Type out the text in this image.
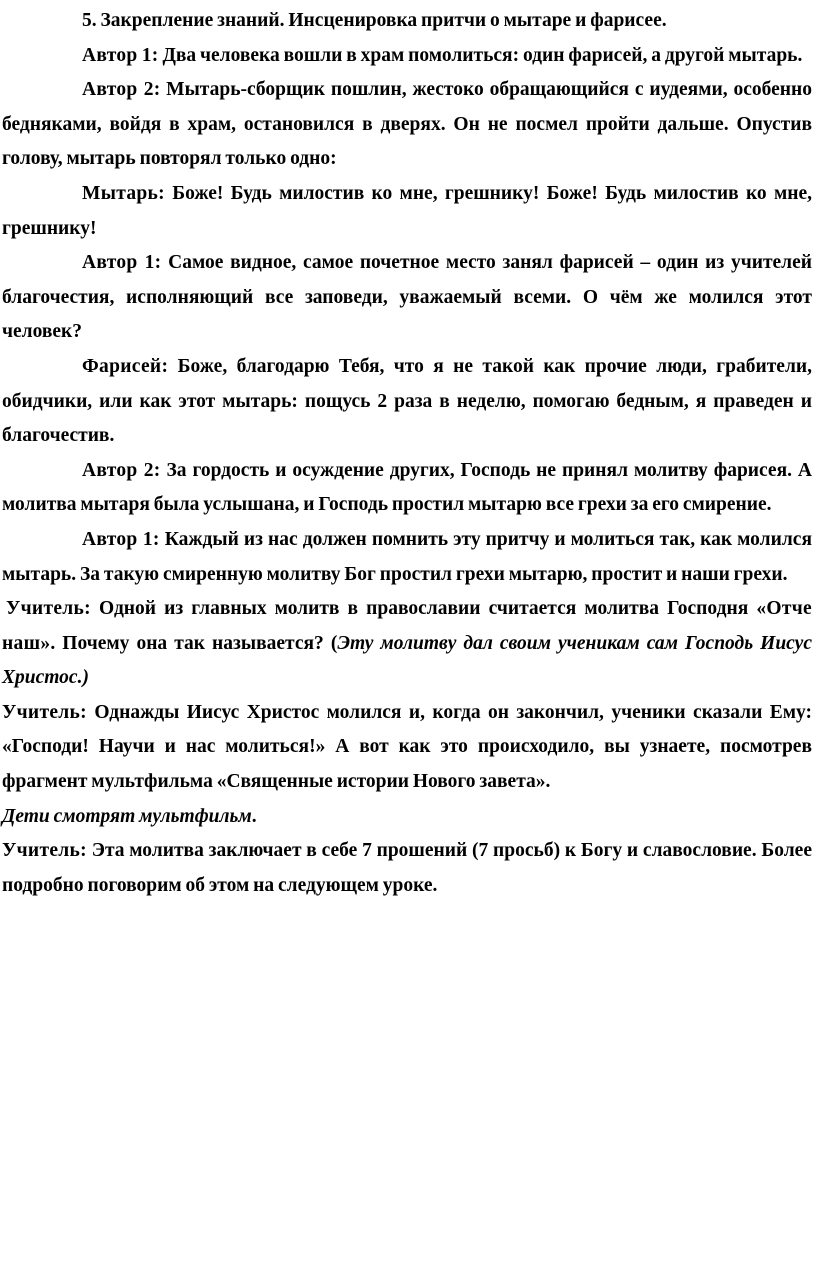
5. Закрепление знаний. Инсценировка притчи о мытаре и фарисее.

Автор 1: Два человека вошли в храм помолиться: один фарисей, а другой мытарь.

Автор 2: Мытарь-сборщик пошлин, жестоко обращающийся с иудеями, особенно бедняками, войдя в храм, остановился в дверях. Он не посмел пройти дальше. Опустив голову, мытарь повторял только одно:

Мытарь: Боже! Будь милостив ко мне, грешнику! Боже! Будь милостив ко мне, грешнику!

Автор 1: Самое видное, самое почетное место занял фарисей – один из учителей благочестия, исполняющий все заповеди, уважаемый всеми. О чём же молился этот человек?

Фарисей: Боже, благодарю Тебя, что я не такой как прочие люди, грабители, обидчики, или как этот мытарь: пощусь 2 раза в неделю, помогаю бедным, я праведен и благочестив.

Автор 2: За гордость и осуждение других, Господь не принял молитву фарисея. А молитва мытаря была услышана, и Господь простил мытарю все грехи за его смирение.

Автор 1: Каждый из нас должен помнить эту притчу и молиться так, как молился мытарь. За такую смиренную молитву Бог простил грехи мытарю, простит и наши грехи.

Учитель: Одной из главных молитв в православии считается молитва Господня «Отче наш». Почему она так называется? (Эту молитву дал своим ученикам сам Господь Иисус Христос.)

Учитель: Однажды Иисус Христос молился и, когда он закончил, ученики сказали Ему: «Господи! Научи и нас молиться!» А вот как это происходило, вы узнаете, посмотрев фрагмент мультфильма «Священные истории Нового завета».

Дети смотрят мультфильм.

Учитель: Эта молитва заключает в себе 7 прошений (7 просьб) к Богу и славословие. Более подробно поговорим об этом на следующем уроке.
